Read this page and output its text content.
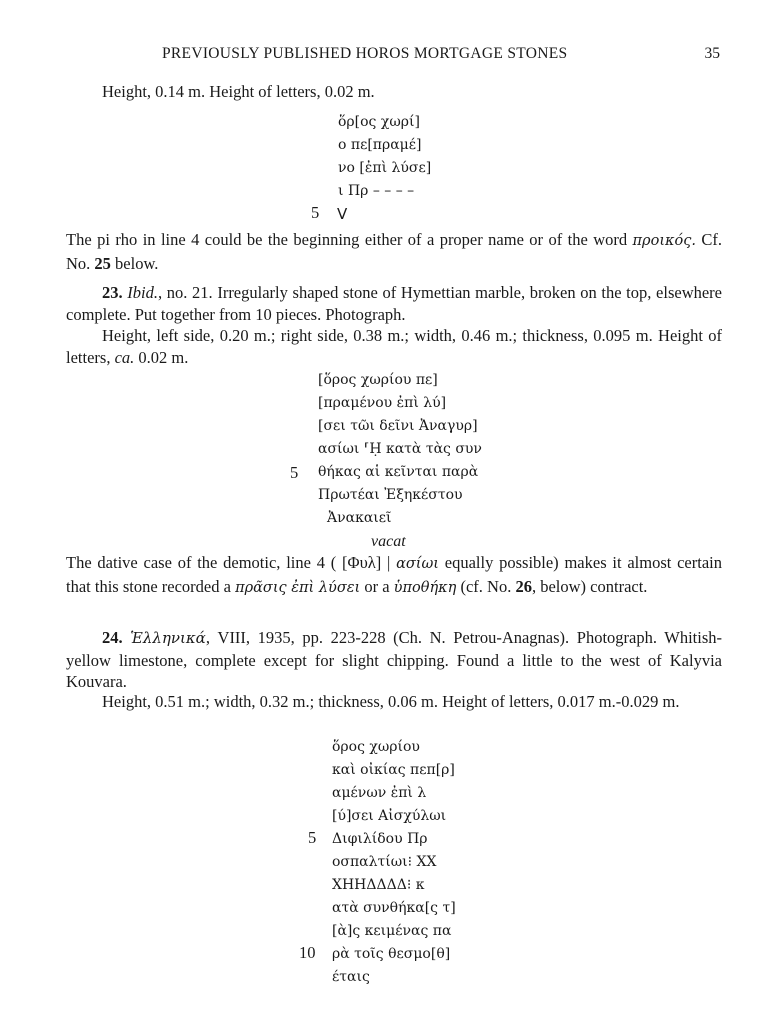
PREVIOUSLY PUBLISHED HOROS MORTGAGE STONES	35
Height, 0.14 m. Height of letters, 0.02 m.
ὅρ[ος χωρί]
ο πε[πραμέ]
νο [ἐπὶ λύσε]
ι Πρ – – – –
V
5

The pi rho in line 4 could be the beginning either of a proper name or of the word προικός. Cf. No. 25 below.

23. Ibid., no. 21. Irregularly shaped stone of Hymettian marble, broken on the top, elsewhere complete. Put together from 10 pieces. Photograph.

Height, left side, 0.20 m.; right side, 0.38 m.; width, 0.46 m.; thickness, 0.095 m. Height of letters, ca. 0.02 m.

[ὅρος χωρίου πε]
[πραμένου ἐπὶ λύ]
[σει τῶι δεῖνι Ἀναγυρ]
ασίωι ⸢Ḥ κατὰ τὰς συν
θήκας αἱ κεῖνται παρὰ
Πρωτέαι Ἐξηκέστου
Ἀνακαιεῖ
vacat
5

The dative case of the demotic, line 4 ( [Φυλ] | ασίωι equally possible) makes it almost certain that this stone recorded a πρᾶσις ἐπὶ λύσει or a ὑποθήκη (cf. No. 26, below) contract.

24. Ἑλληνικά, VIII, 1935, pp. 223-228 (Ch. N. Petrou-Anagnas). Photograph. Whitish-yellow limestone, complete except for slight chipping. Found a little to the west of Kalyvia Kouvara.

Height, 0.51 m.; width, 0.32 m.; thickness, 0.06 m. Height of letters, 0.017 m.-0.029 m.

ὅρος χωρίου
καὶ οἰκίας πεπ[ρ]
αμένων ἐπὶ λ
[ύ]σει Αἰσχύλωι
Διφιλίδου Πρ
οσπαλτίωι⁝ ΧΧ
ΧΗΗΔΔΔΔ⁝ κ
ατὰ συνθήκα[ς τ]
[ὰ]ς κειμένας πα
ρὰ τοῖς θεσμο[θ]
έταις
5
10
